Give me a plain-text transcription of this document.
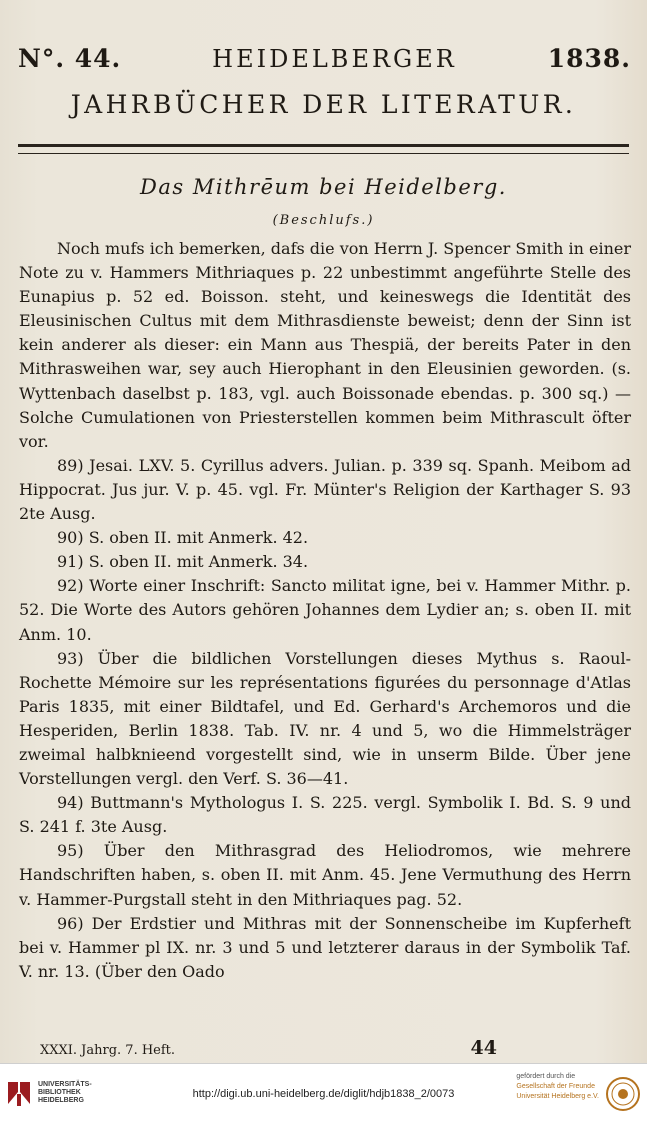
N°. 44.	HEIDELBERGER	1838.
JAHRBÜCHER DER LITERATUR.
Das Mithrēum bei Heidelberg.
(Beschlufs.)

Noch mufs ich bemerken, dafs die von Herrn J. Spencer Smith in einer Note zu v. Hammers Mithriaques p. 22 unbestimmt angeführte Stelle des Eunapius p. 52 ed. Boisson. steht, und keineswegs die Identität des Eleusinischen Cultus mit dem Mithrasdienste beweist; denn der Sinn ist kein anderer als dieser: ein Mann aus Thespiä, der bereits Pater in den Mithrasweihen war, sey auch Hierophant in den Eleusinien geworden. (s. Wyttenbach daselbst p. 183, vgl. auch Boissonade ebendas. p. 300 sq.) — Solche Cumulationen von Priesterstellen kommen beim Mithrascult öfter vor.

89) Jesai. LXV. 5. Cyrillus advers. Julian. p. 339 sq. Spanh. Meibom ad Hippocrat. Jus jur. V. p. 45. vgl. Fr. Münter's Religion der Karthager S. 93 2te Ausg.

90) S. oben II. mit Anmerk. 42.

91) S. oben II. mit Anmerk. 34.

92) Worte einer Inschrift: Sancto militat igne, bei v. Hammer Mithr. p. 52. Die Worte des Autors gehören Johannes dem Lydier an; s. oben II. mit Anm. 10.

93) Über die bildlichen Vorstellungen dieses Mythus s. Raoul-Rochette Mémoire sur les représentations figurées du personnage d'Atlas Paris 1835, mit einer Bildtafel, und Ed. Gerhard's Archemoros und die Hesperiden, Berlin 1838. Tab. IV. nr. 4 und 5, wo die Himmelsträger zweimal halbknieend vorgestellt sind, wie in unserm Bilde. Über jene Vorstellungen vergl. den Verf. S. 36—41.

94) Buttmann's Mythologus I. S. 225. vergl. Symbolik I. Bd. S. 9 und S. 241 f. 3te Ausg.

95) Über den Mithrasgrad des Heliodromos, wie mehrere Handschriften haben, s. oben II. mit Anm. 45. Jene Vermuthung des Herrn v. Hammer-Purgstall steht in den Mithriaques pag. 52.

96) Der Erdstier und Mithras mit der Sonnenscheibe im Kupferheft bei v. Hammer pl IX. nr. 3 und 5 und letzterer daraus in der Symbolik Taf. V. nr. 13. (Über den Oado

XXXI. Jahrg. 7. Heft.	44
UNIVERSITÄTS-
BIBLIOTHEK
HEIDELBERG
http://digi.ub.uni-heidelberg.de/diglit/hdjb1838_2/0073
gefördert durch die
Gesellschaft der Freunde
Universität Heidelberg e.V.
